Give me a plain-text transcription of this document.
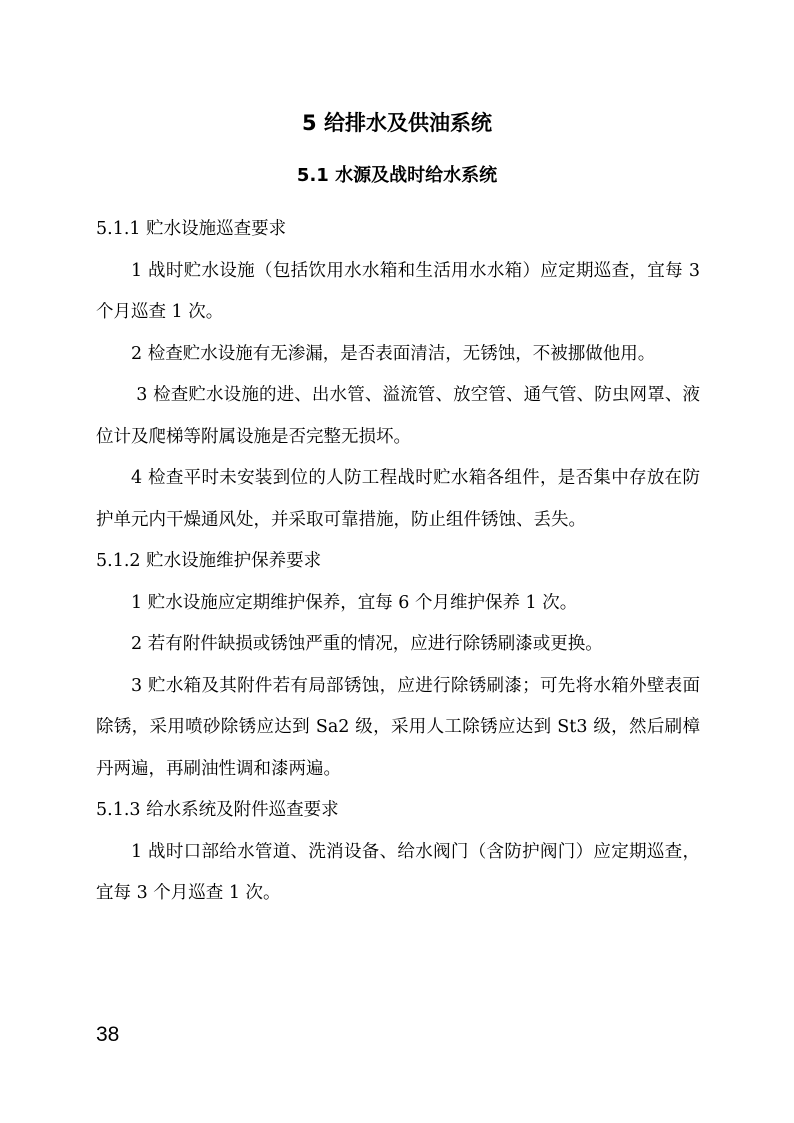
5 给排水及供油系统
5.1 水源及战时给水系统

5.1.1 贮水设施巡查要求

1 战时贮水设施（包括饮用水水箱和生活用水水箱）应定期巡查，宜每 3 个月巡查 1 次。

2 检查贮水设施有无渗漏，是否表面清洁，无锈蚀，不被挪做他用。

3 检查贮水设施的进、出水管、溢流管、放空管、通气管、防虫网罩、液位计及爬梯等附属设施是否完整无损坏。

4 检查平时未安装到位的人防工程战时贮水箱各组件，是否集中存放在防护单元内干燥通风处，并采取可靠措施，防止组件锈蚀、丢失。

5.1.2 贮水设施维护保养要求

1 贮水设施应定期维护保养，宜每 6 个月维护保养 1 次。

2 若有附件缺损或锈蚀严重的情况，应进行除锈刷漆或更换。

3 贮水箱及其附件若有局部锈蚀，应进行除锈刷漆；可先将水箱外壁表面除锈，采用喷砂除锈应达到 Sa2 级，采用人工除锈应达到 St3 级，然后刷樟丹两遍，再刷油性调和漆两遍。

5.1.3 给水系统及附件巡查要求

1 战时口部给水管道、洗消设备、给水阀门（含防护阀门）应定期巡查，宜每 3 个月巡查 1 次。

38
